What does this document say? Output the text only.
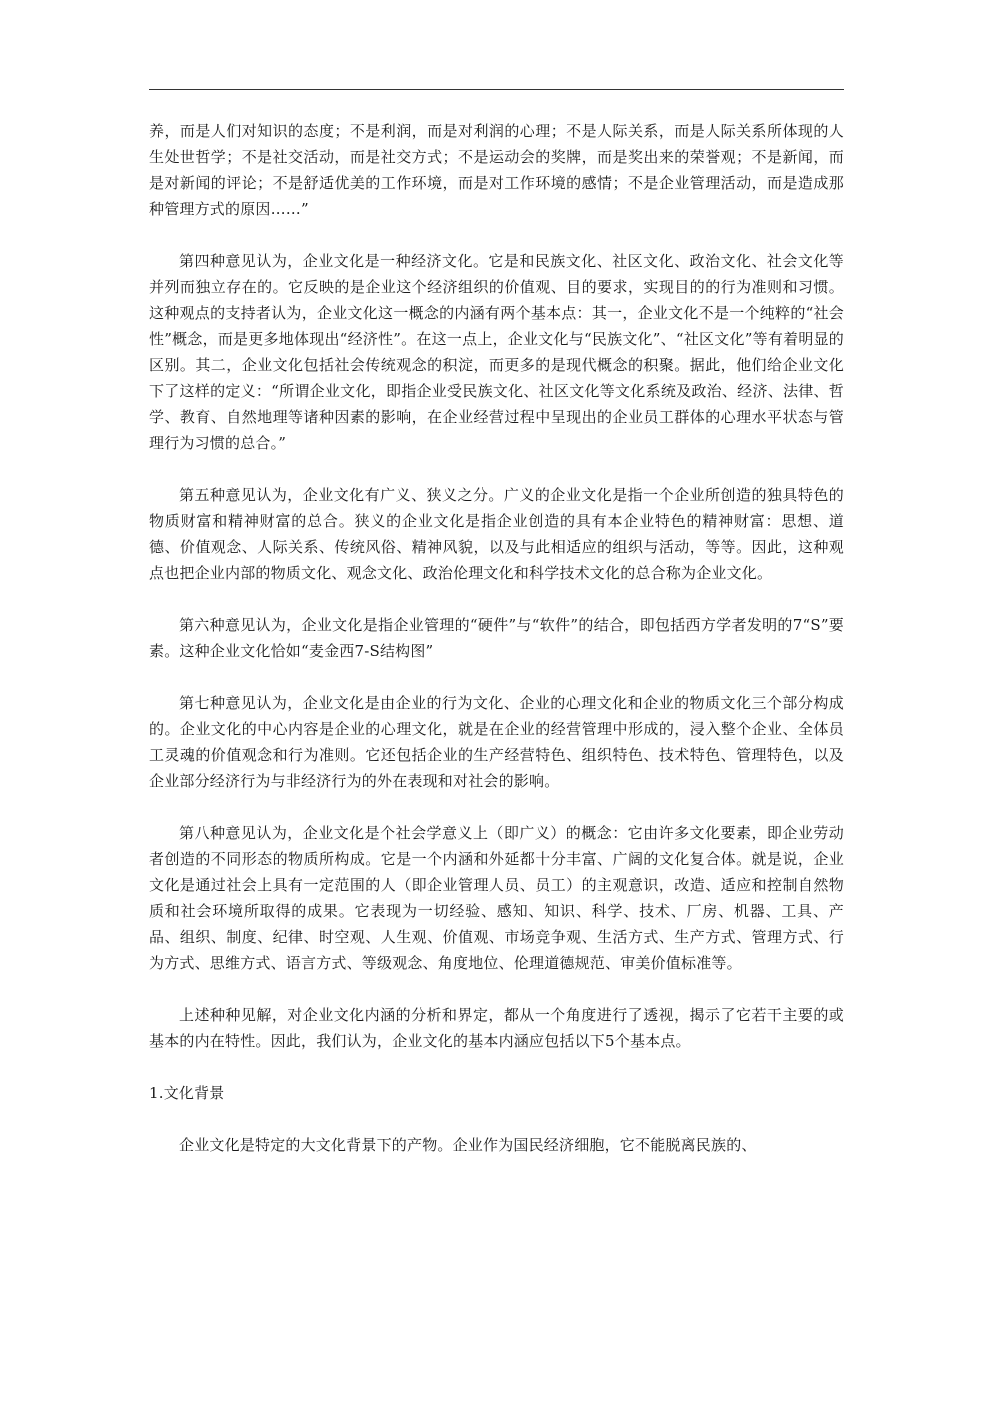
养，而是人们对知识的态度；不是利润，而是对利润的心理；不是人际关系，而是人际关系所体现的人生处世哲学；不是社交活动，而是社交方式；不是运动会的奖牌，而是奖出来的荣誉观；不是新闻，而是对新闻的评论；不是舒适优美的工作环境，而是对工作环境的感情；不是企业管理活动，而是造成那种管理方式的原因……”

第四种意见认为，企业文化是一种经济文化。它是和民族文化、社区文化、政治文化、社会文化等并列而独立存在的。它反映的是企业这个经济组织的价值观、目的要求，实现目的的行为准则和习惯。这种观点的支持者认为，企业文化这一概念的内涵有两个基本点：其一，企业文化不是一个纯粹的“社会性”概念，而是更多地体现出“经济性”。在这一点上，企业文化与“民族文化”、“社区文化”等有着明显的区别。其二，企业文化包括社会传统观念的积淀，而更多的是现代概念的积聚。据此，他们给企业文化下了这样的定义：“所谓企业文化，即指企业受民族文化、社区文化等文化系统及政治、经济、法律、哲学、教育、自然地理等诸种因素的影响，在企业经营过程中呈现出的企业员工群体的心理水平状态与管理行为习惯的总合。”

第五种意见认为，企业文化有广义、狭义之分。广义的企业文化是指一个企业所创造的独具特色的物质财富和精神财富的总合。狭义的企业文化是指企业创造的具有本企业特色的精神财富：思想、道德、价值观念、人际关系、传统风俗、精神风貌，以及与此相适应的组织与活动，等等。因此，这种观点也把企业内部的物质文化、观念文化、政治伦理文化和科学技术文化的总合称为企业文化。

第六种意见认为，企业文化是指企业管理的“硬件”与“软件”的结合，即包括西方学者发明的7“S”要素。这种企业文化恰如“麦金西7-S结构图”

第七种意见认为，企业文化是由企业的行为文化、企业的心理文化和企业的物质文化三个部分构成的。企业文化的中心内容是企业的心理文化，就是在企业的经营管理中形成的，浸入整个企业、全体员工灵魂的价值观念和行为准则。它还包括企业的生产经营特色、组织特色、技术特色、管理特色，以及企业部分经济行为与非经济行为的外在表现和对社会的影响。

第八种意见认为，企业文化是个社会学意义上（即广义）的概念：它由许多文化要素，即企业劳动者创造的不同形态的物质所构成。它是一个内涵和外延都十分丰富、广阔的文化复合体。就是说，企业文化是通过社会上具有一定范围的人（即企业管理人员、员工）的主观意识，改造、适应和控制自然物质和社会环境所取得的成果。它表现为一切经验、感知、知识、科学、技术、厂房、机器、工具、产品、组织、制度、纪律、时空观、人生观、价值观、市场竞争观、生活方式、生产方式、管理方式、行为方式、思维方式、语言方式、等级观念、角度地位、伦理道德规范、审美价值标准等。

上述种种见解，对企业文化内涵的分析和界定，都从一个角度进行了透视，揭示了它若干主要的或基本的内在特性。因此，我们认为，企业文化的基本内涵应包括以下5个基本点。

1.文化背景

企业文化是特定的大文化背景下的产物。企业作为国民经济细胞，它不能脱离民族的、
